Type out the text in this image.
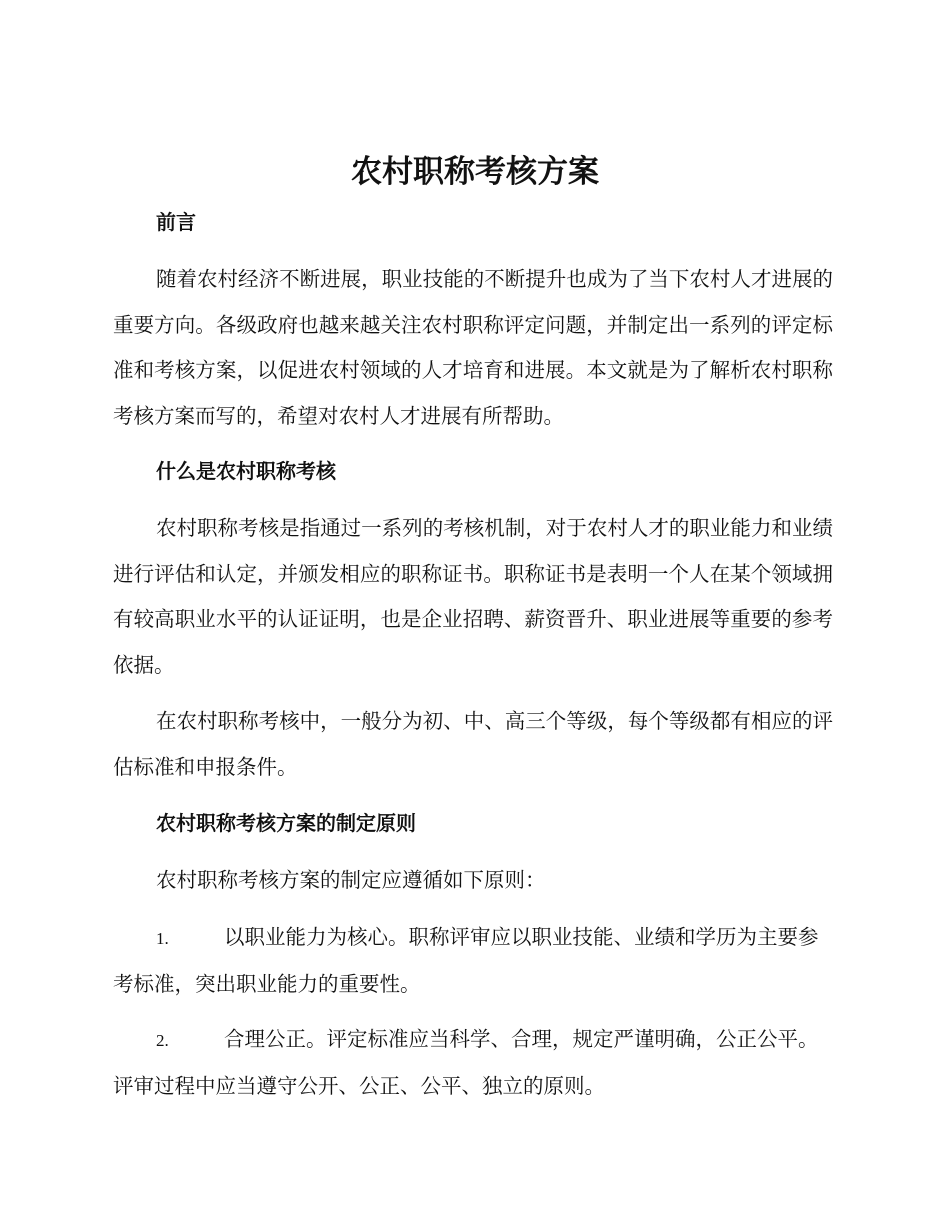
农村职称考核方案
前言
随着农村经济不断进展，职业技能的不断提升也成为了当下农村人才进展的重要方向。各级政府也越来越关注农村职称评定问题，并制定出一系列的评定标准和考核方案，以促进农村领域的人才培育和进展。本文就是为了解析农村职称考核方案而写的，希望对农村人才进展有所帮助。
什么是农村职称考核
农村职称考核是指通过一系列的考核机制，对于农村人才的职业能力和业绩进行评估和认定，并颁发相应的职称证书。职称证书是表明一个人在某个领域拥有较高职业水平的认证证明，也是企业招聘、薪资晋升、职业进展等重要的参考依据。
在农村职称考核中，一般分为初、中、高三个等级，每个等级都有相应的评估标准和申报条件。
农村职称考核方案的制定原则
农村职称考核方案的制定应遵循如下原则：
1.	以职业能力为核心。职称评审应以职业技能、业绩和学历为主要参考标准，突出职业能力的重要性。
2.	合理公正。评定标准应当科学、合理，规定严谨明确，公正公平。评审过程中应当遵守公开、公正、公平、独立的原则。
